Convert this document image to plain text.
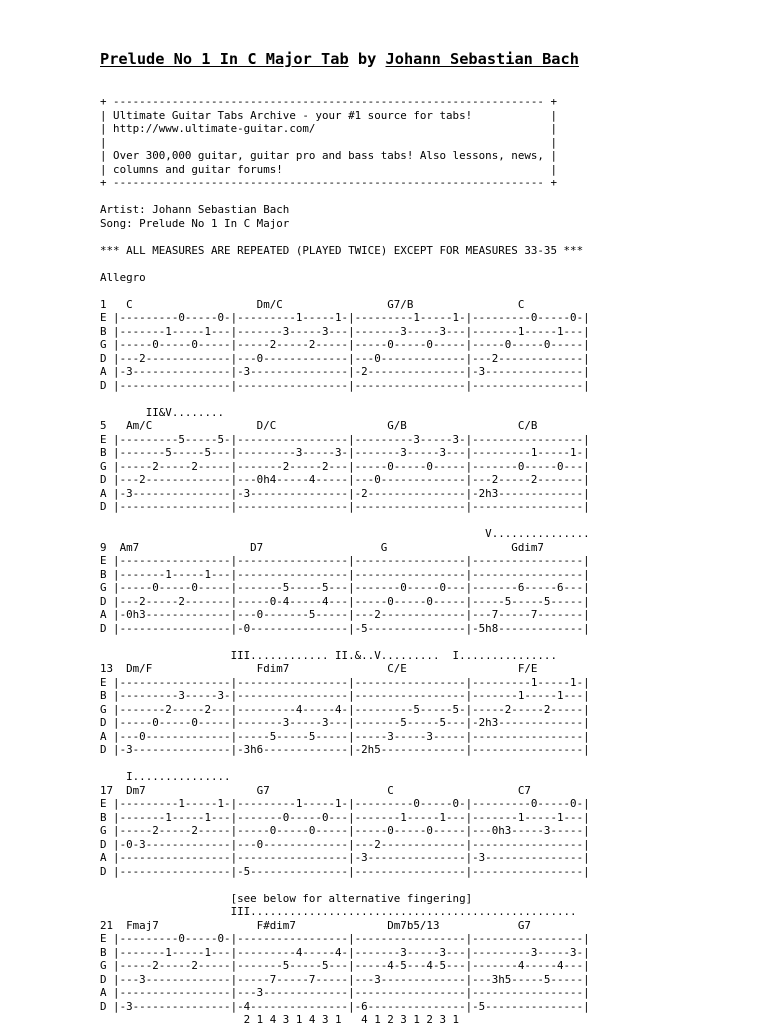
Prelude No 1 In C Major Tab by Johann Sebastian Bach
+ ------------------------------------------------------------------ +
| Ultimate Guitar Tabs Archive - your #1 source for tabs!            |
| http://www.ultimate-guitar.com/                                    |
|                                                                    |
| Over 300,000 guitar, guitar pro and bass tabs! Also lessons, news, |
| columns and guitar forums!                                         |
+ ------------------------------------------------------------------ +

Artist: Johann Sebastian Bach
Song: Prelude No 1 In C Major

*** ALL MEASURES ARE REPEATED (PLAYED TWICE) EXCEPT FOR MEASURES 33-35 ***

Allegro

1   C                   Dm/C                G7/B                C
E |---------0-----0-|---------1-----1-|---------1-----1-|---------0-----0-|
B |-------1-----1---|-------3-----3---|-------3-----3---|-------1-----1---|
G |-----0-----0-----|-----2-----2-----|-----0-----0-----|-----0-----0-----|
D |---2-------------|---0-------------|---0-------------|---2-------------|
A |-3---------------|-3---------------|-2---------------|-3---------------|
D |-----------------|-----------------|-----------------|-----------------|

II&V........
5   Am/C                D/C                 G/B                 C/B
E |---------5-----5-|-----------------|---------3-----3-|-----------------|
B |-------5-----5---|---------3-----3-|-------3-----3---|---------1-----1-|
G |-----2-----2-----|-------2-----2---|-----0-----0-----|-------0-----0---|
D |---2-------------|---0h4-----4-----|---0-------------|---2-----2-------|
A |-3---------------|-3---------------|-2---------------|-2h3-------------|
D |-----------------|-----------------|-----------------|-----------------|

V...............
9  Am7                 D7                  G                   Gdim7
E |-----------------|-----------------|-----------------|-----------------|
B |-------1-----1---|-----------------|-----------------|-----------------|
G |-----0-----0-----|-------5-----5---|-------0-----0---|-------6-----6---|
D |---2-----2-------|-----0-4-----4---|-----0-----0-----|-----5-----5-----|
A |-0h3-------------|---0-------5-----|---2-------------|---7-----7-------|
D |-----------------|-0---------------|-5---------------|-5h8-------------|

III............ II.&..V.........  I...............
13  Dm/F                Fdim7               C/E                 F/E
E |-----------------|-----------------|-----------------|---------1-----1-|
B |---------3-----3-|-----------------|-----------------|-------1-----1---|
G |-------2-----2---|---------4-----4-|---------5-----5-|-----2-----2-----|
D |-----0-----0-----|-------3-----3---|-------5-----5---|-2h3-------------|
A |---0-------------|-----5-----5-----|-----3-----3-----|-----------------|
D |-3---------------|-3h6-------------|-2h5-------------|-----------------|

I...............
17  Dm7                 G7                  C                   C7
E |---------1-----1-|---------1-----1-|---------0-----0-|---------0-----0-|
B |-------1-----1---|-------0-----0---|-------1-----1---|-------1-----1---|
G |-----2-----2-----|-----0-----0-----|-----0-----0-----|---0h3-----3-----|
D |-0-3-------------|---0-------------|---2-------------|-----------------|
A |-----------------|-----------------|-3---------------|-3---------------|
D |-----------------|-5---------------|-----------------|-----------------|

[see below for alternative fingering]
III..................................................
21  Fmaj7               F#dim7              Dm7b5/13            G7
E |---------0-----0-|-----------------|-----------------|-----------------|
B |-------1-----1---|---------4-----4-|-------3-----3---|---------3-----3-|
G |-----2-----2-----|-------5-----5---|-----4-5---4-5---|-------4-----4---|
D |---3-------------|-----7-----7-----|---3-------------|---3h5-----5-----|
A |-----------------|---3-------------|-----------------|-----------------|
D |-3---------------|-4---------------|-6---------------|-5---------------|
2 1 4 3 1 4 3 1   4 1 2 3 1 2 3 1
